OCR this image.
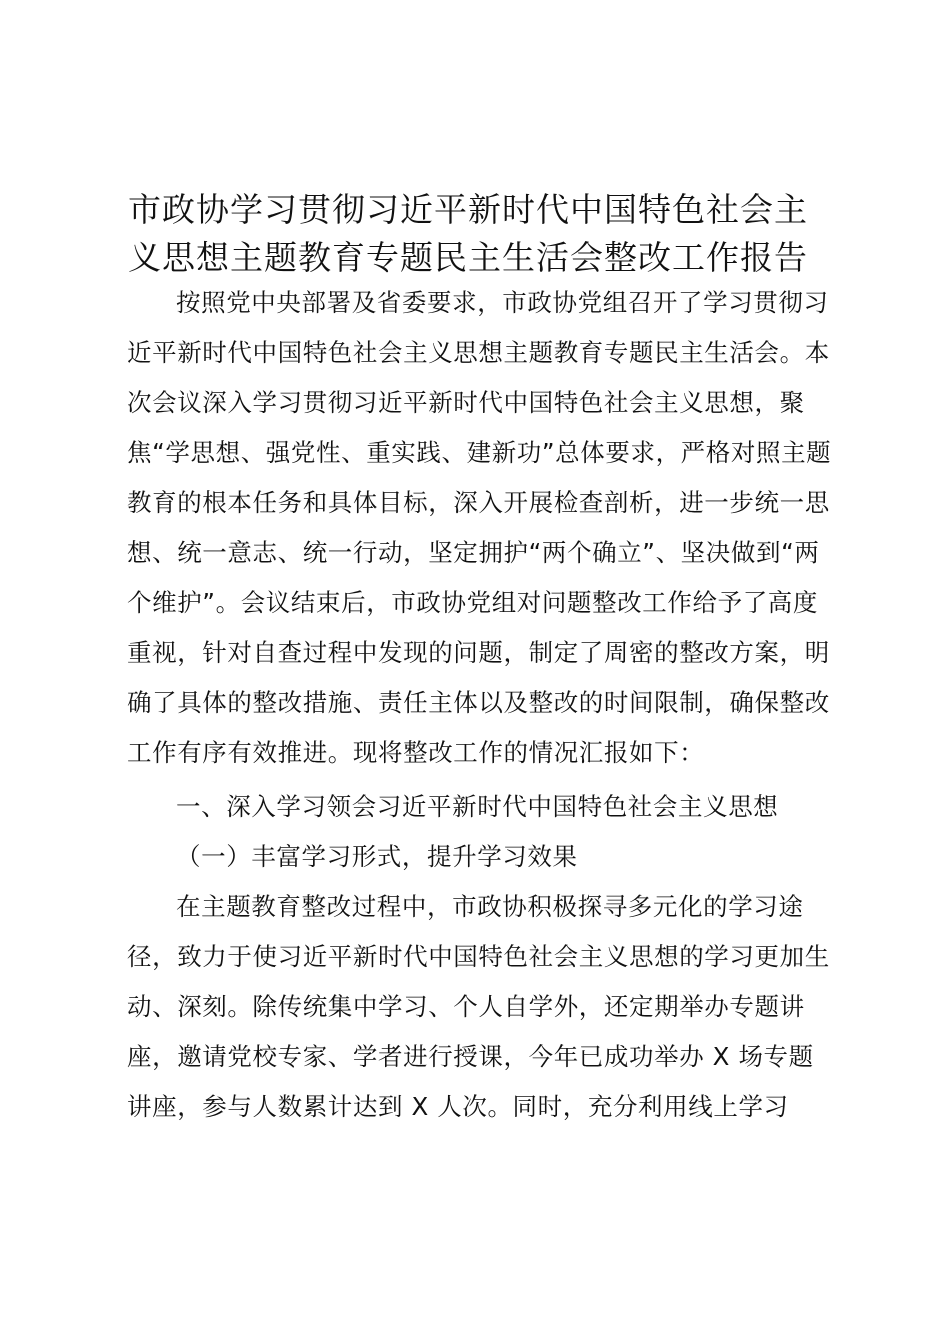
市政协学习贯彻习近平新时代中国特色社会主
义思想主题教育专题民主生活会整改工作报告

按照党中央部署及省委要求，市政协党组召开了学习贯彻习近平新时代中国特色社会主义思想主题教育专题民主生活会。本次会议深入学习贯彻习近平新时代中国特色社会主义思想，聚焦“学思想、强党性、重实践、建新功”总体要求，严格对照主题教育的根本任务和具体目标，深入开展检查剖析，进一步统一思想、统一意志、统一行动，坚定拥护“两个确立”、坚决做到“两个维护”。会议结束后，市政协党组对问题整改工作给予了高度重视，针对自查过程中发现的问题，制定了周密的整改方案，明确了具体的整改措施、责任主体以及整改的时间限制，确保整改工作有序有效推进。现将整改工作的情况汇报如下：

一、深入学习领会习近平新时代中国特色社会主义思想

（一）丰富学习形式，提升学习效果

在主题教育整改过程中，市政协积极探寻多元化的学习途径，致力于使习近平新时代中国特色社会主义思想的学习更加生动、深刻。除传统集中学习、个人自学外，还定期举办专题讲座，邀请党校专家、学者进行授课，今年已成功举办 X 场专题讲座，参与人数累计达到 X 人次。同时，充分利用线上学习
